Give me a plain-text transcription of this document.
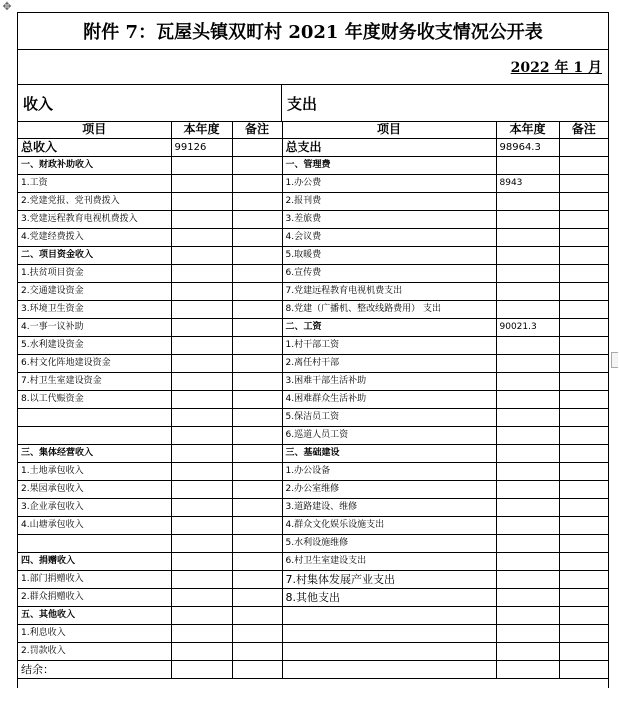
✥
附件 7：瓦屋头镇双町村 2021 年度财务收支情况公开表
2022 年 1 月
收入	支出
项目	本年度	备注	项目	本年度	备注
总收入	99126		总支出	98964.3	
一、财政补助收入			一、管理费		
1.工资			1.办公费	8943	
2.党建党报、党刊费拨入			2.报刊费		
3.党建远程教育电视机费拨入			3.差旅费		
4.党建经费拨入			4.会议费		
二、项目资金收入			5.取暖费		
1.扶贫项目资金			6.宣传费		
2.交通建设资金			7.党建远程教育电视机费支出		
3.环境卫生资金			8.党建（广播机、整改线路费用） 支出		
4.一事一议补助			二、工资	90021.3	
5.水利建设资金			1.村干部工资		
6.村文化阵地建设资金			2.离任村干部		
7.村卫生室建设资金			3.困难干部生活补助		
8.以工代赈资金			4.困难群众生活补助		
			5.保洁员工资		
			6.巡道人员工资		
三、集体经营收入			三、基础建设		
1.土地承包收入			1.办公设备		
2.果园承包收入			2.办公室维修		
3.企业承包收入			3.道路建设、维修		
4.山塘承包收入			4.群众文化娱乐设施支出		
			5.水利设施维修		
四、捐赠收入			6.村卫生室建设支出		
1.部门捐赠收入			7.村集体发展产业支出		
2.群众捐赠收入			8.其他支出		
五、其他收入					
1.利息收入					
2.罚款收入					
结余：					
